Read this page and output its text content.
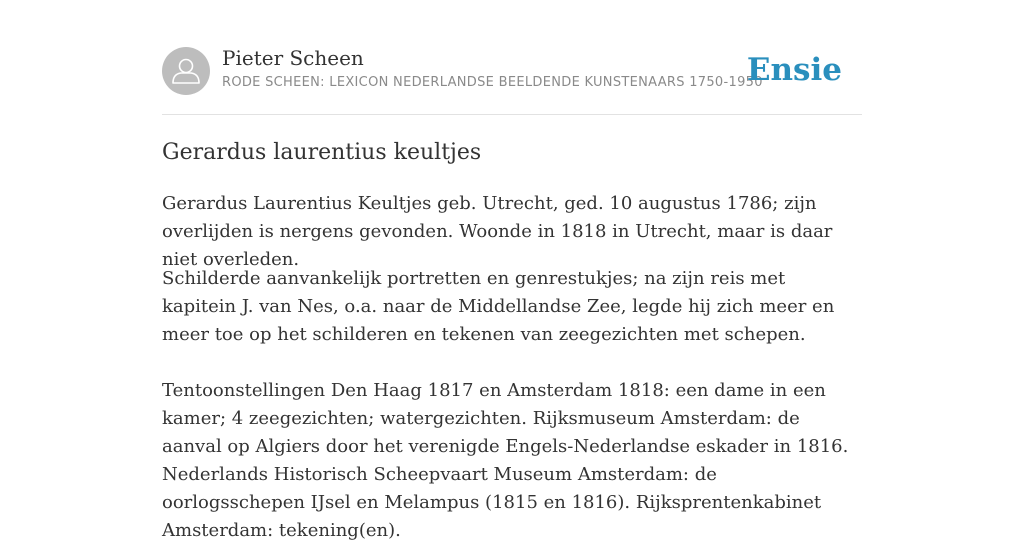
Pieter Scheen
RODE SCHEEN: LEXICON NEDERLANDSE BEELDENDE KUNSTENAARS 1750-1950
Ensie
Gerardus laurentius keultjes

Gerardus Laurentius Keultjes geb. Utrecht, ged. 10 augustus 1786; zijn overlijden is nergens gevonden. Woonde in 1818 in Utrecht, maar is daar niet overleden.

Schilderde aanvankelijk portretten en genrestukjes; na zijn reis met kapitein J. van Nes, o.a. naar de Middellandse Zee, legde hij zich meer en meer toe op het schilderen en tekenen van zeegezichten met schepen.

Tentoonstellingen Den Haag 1817 en Amsterdam 1818: een dame in een kamer; 4 zeegezichten; watergezichten. Rijksmuseum Amsterdam: de aanval op Algiers door het verenigde Engels-Nederlandse eskader in 1816. Nederlands Historisch Scheepvaart Museum Amsterdam: de oorlogsschepen IJsel en Melampus (1815 en 1816). Rijksprentenkabinet Amsterdam: tekening(en).
